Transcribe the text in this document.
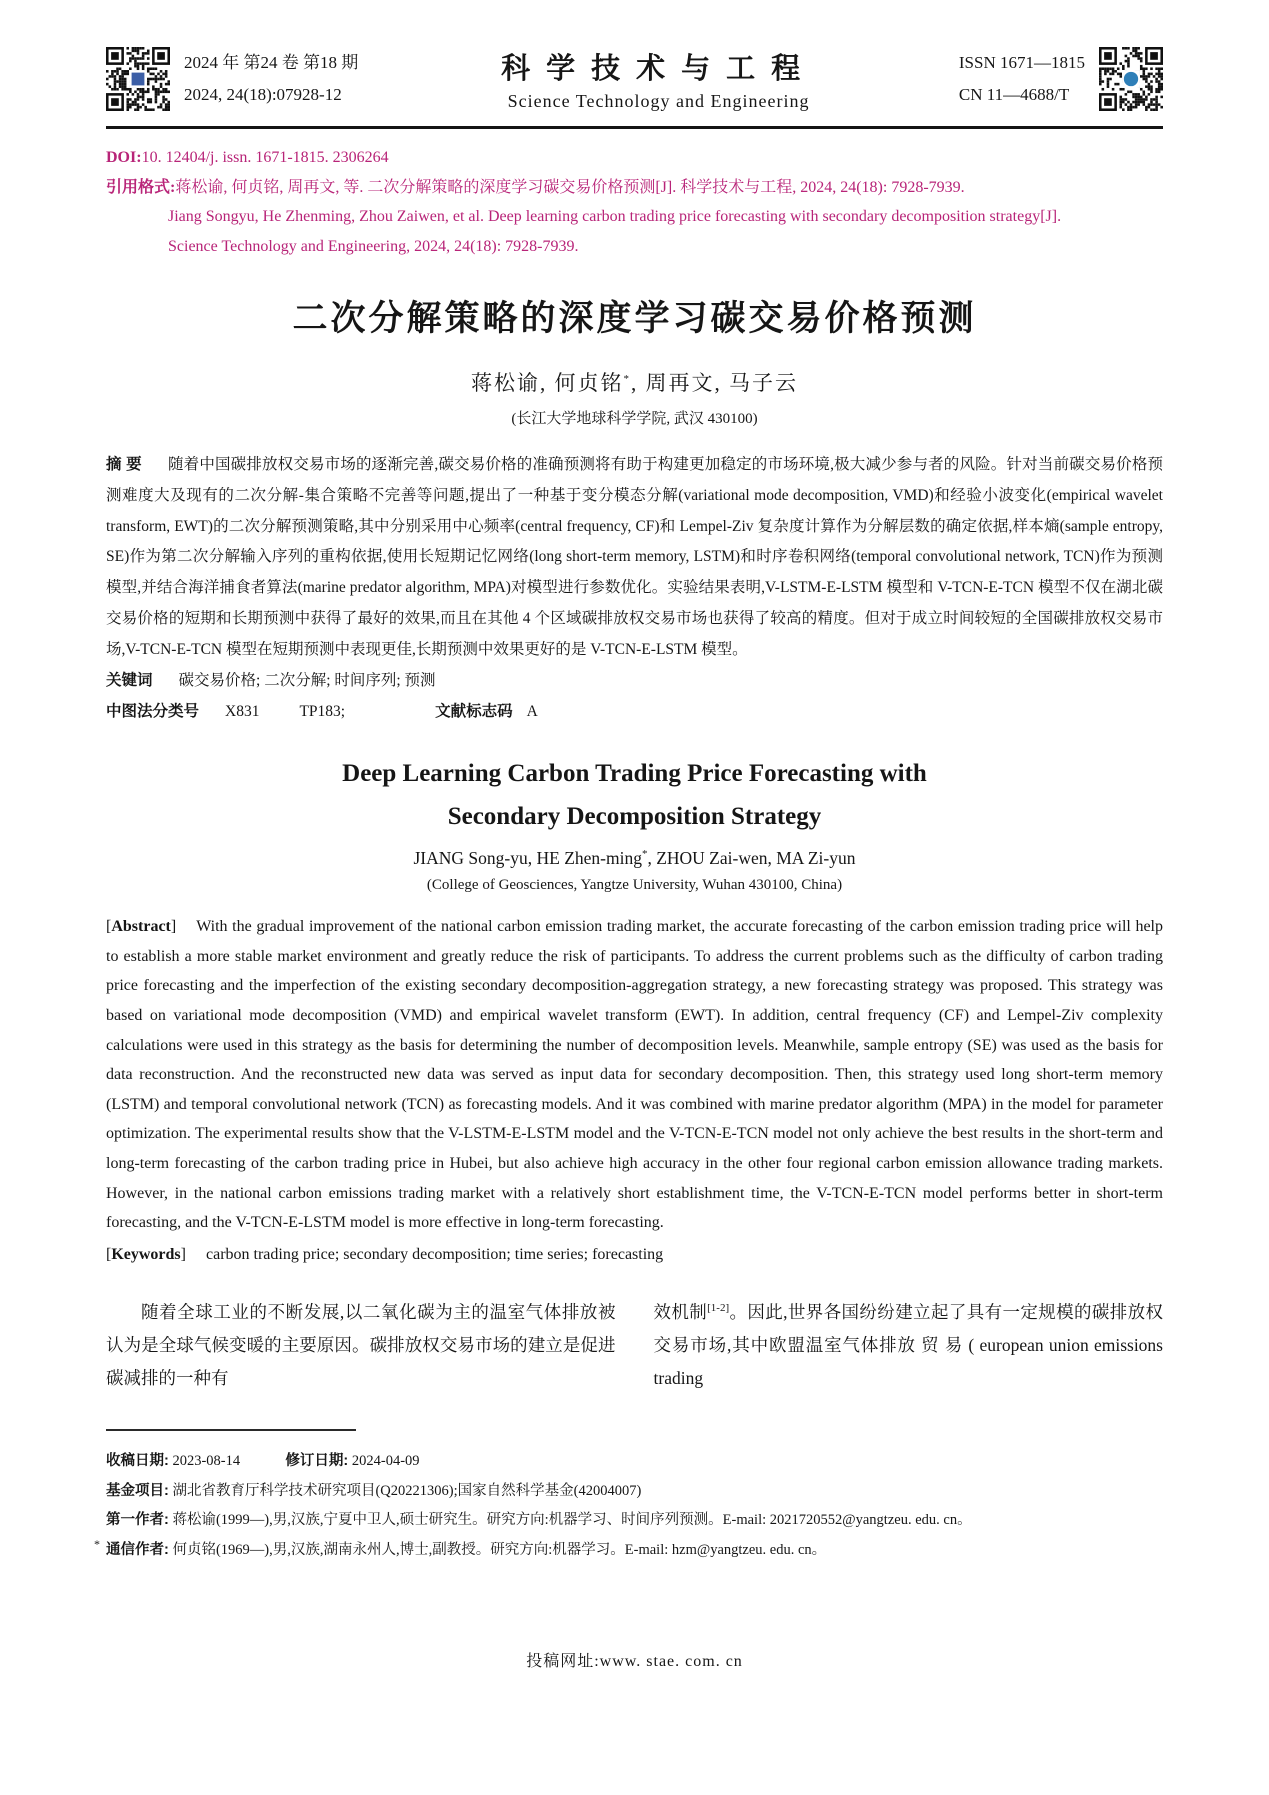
2024 年 第24 卷 第18 期
2024, 24(18):07928-12
科学技术与工程
Science Technology and Engineering
ISSN 1671—1815
CN 11—4688/T
DOI:10. 12404/j. issn. 1671-1815. 2306264
引用格式:蒋松谕, 何贞铭, 周再文, 等. 二次分解策略的深度学习碳交易价格预测[J]. 科学技术与工程, 2024, 24(18): 7928-7939.
Jiang Songyu, He Zhenming, Zhou Zaiwen, et al. Deep learning carbon trading price forecasting with secondary decomposition strategy[J].
Science Technology and Engineering, 2024, 24(18): 7928-7939.
二次分解策略的深度学习碳交易价格预测
蒋松谕, 何贞铭*, 周再文, 马子云
(长江大学地球科学学院, 武汉 430100)
摘 要 随着中国碳排放权交易市场的逐渐完善,碳交易价格的准确预测将有助于构建更加稳定的市场环境,极大减少参与者的风险。针对当前碳交易价格预测难度大及现有的二次分解-集合策略不完善等问题,提出了一种基于变分模态分解(variational mode decomposition, VMD)和经验小波变化(empirical wavelet transform, EWT)的二次分解预测策略,其中分别采用中心频率(central frequency, CF)和 Lempel-Ziv 复杂度计算作为分解层数的确定依据,样本熵(sample entropy, SE)作为第二次分解输入序列的重构依据,使用长短期记忆网络(long short-term memory, LSTM)和时序卷积网络(temporal convolutional network, TCN)作为预测模型,并结合海洋捕食者算法(marine predator algorithm, MPA)对模型进行参数优化。实验结果表明,V-LSTM-E-LSTM 模型和 V-TCN-E-TCN 模型不仅在湖北碳交易价格的短期和长期预测中获得了最好的效果,而且在其他 4 个区域碳排放权交易市场也获得了较高的精度。但对于成立时间较短的全国碳排放权交易市场,V-TCN-E-TCN 模型在短期预测中表现更佳,长期预测中效果更好的是 V-TCN-E-LSTM 模型。
关键词 碳交易价格; 二次分解; 时间序列; 预测
中图法分类号 X831	TP183;	文献标志码 A
Deep Learning Carbon Trading Price Forecasting with
Secondary Decomposition Strategy
JIANG Song-yu, HE Zhen-ming*, ZHOU Zai-wen, MA Zi-yun
(College of Geosciences, Yangtze University, Wuhan 430100, China)
[Abstract] With the gradual improvement of the national carbon emission trading market, the accurate forecasting of the carbon emission trading price will help to establish a more stable market environment and greatly reduce the risk of participants. To address the current problems such as the difficulty of carbon trading price forecasting and the imperfection of the existing secondary decomposition-aggregation strategy, a new forecasting strategy was proposed. This strategy was based on variational mode decomposition (VMD) and empirical wavelet transform (EWT). In addition, central frequency (CF) and Lempel-Ziv complexity calculations were used in this strategy as the basis for determining the number of decomposition levels. Meanwhile, sample entropy (SE) was used as the basis for data reconstruction. And the reconstructed new data was served as input data for secondary decomposition. Then, this strategy used long short-term memory (LSTM) and temporal convolutional network (TCN) as forecasting models. And it was combined with marine predator algorithm (MPA) in the model for parameter optimization. The experimental results show that the V-LSTM-E-LSTM model and the V-TCN-E-TCN model not only achieve the best results in the short-term and long-term forecasting of the carbon trading price in Hubei, but also achieve high accuracy in the other four regional carbon emission allowance trading markets. However, in the national carbon emissions trading market with a relatively short establishment time, the V-TCN-E-TCN model performs better in short-term forecasting, and the V-TCN-E-LSTM model is more effective in long-term forecasting.
[Keywords] carbon trading price; secondary decomposition; time series; forecasting

随着全球工业的不断发展,以二氧化碳为主的温室气体排放被认为是全球气候变暖的主要原因。碳排放权交易市场的建立是促进碳减排的一种有

效机制[1-2]。因此,世界各国纷纷建立起了具有一定规模的碳排放权交易市场,其中欧盟温室气体排放 贸 易 ( european union emissions trading

收稿日期: 2023-08-14	修订日期: 2024-04-09
基金项目: 湖北省教育厅科学技术研究项目(Q20221306);国家自然科学基金(42004007)
第一作者: 蒋松谕(1999—),男,汉族,宁夏中卫人,硕士研究生。研究方向:机器学习、时间序列预测。E-mail: 2021720552@yangtzeu. edu. cn。
* 通信作者: 何贞铭(1969—),男,汉族,湖南永州人,博士,副教授。研究方向:机器学习。E-mail: hzm@yangtzeu. edu. cn。
投稿网址:www. stae. com. cn
